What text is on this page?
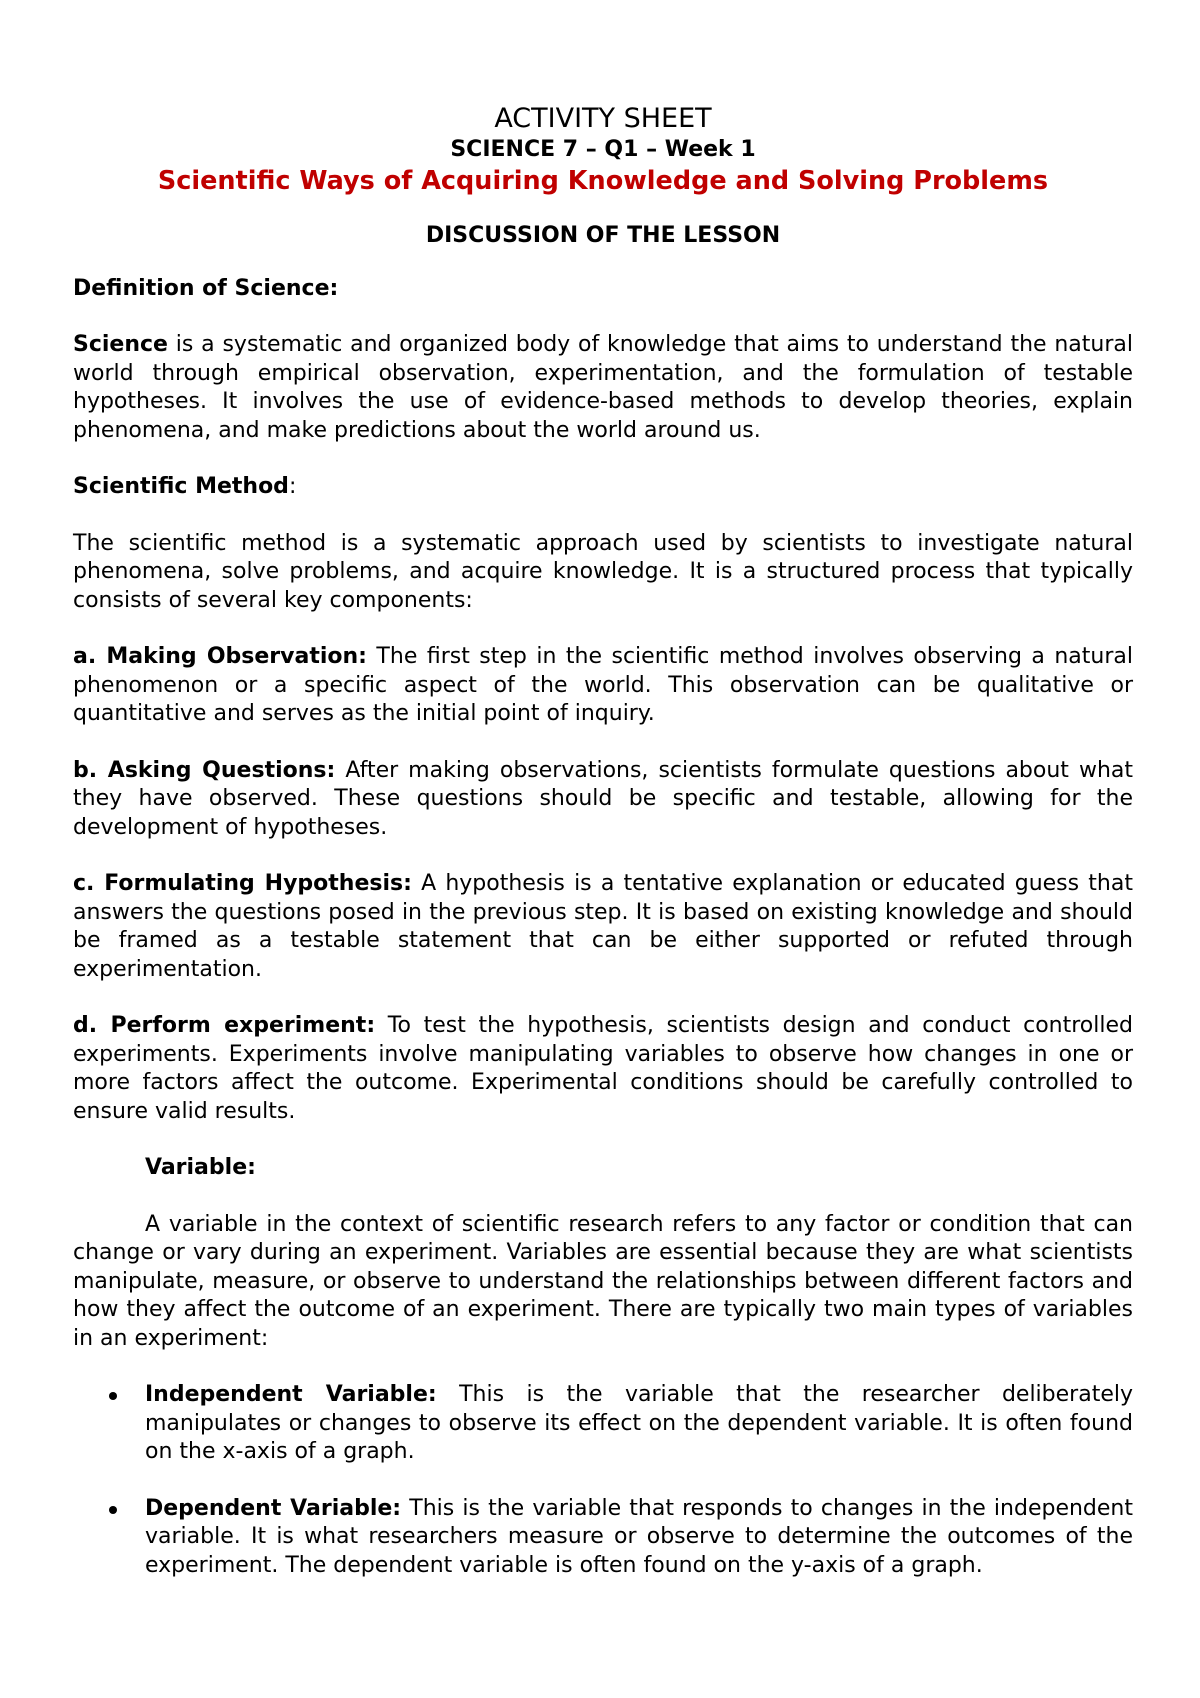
ACTIVITY SHEET
SCIENCE 7 – Q1 – Week 1
Scientific Ways of Acquiring Knowledge and Solving Problems
DISCUSSION OF THE LESSON

Definition of Science:

Science is a systematic and organized body of knowledge that aims to understand the natural world through empirical observation, experimentation, and the formulation of testable hypotheses. It involves the use of evidence-based methods to develop theories, explain phenomena, and make predictions about the world around us.

Scientific Method:

The scientific method is a systematic approach used by scientists to investigate natural phenomena, solve problems, and acquire knowledge. It is a structured process that typically consists of several key components:

a. Making Observation: The first step in the scientific method involves observing a natural phenomenon or a specific aspect of the world. This observation can be qualitative or quantitative and serves as the initial point of inquiry.

b. Asking Questions: After making observations, scientists formulate questions about what they have observed. These questions should be specific and testable, allowing for the development of hypotheses.

c. Formulating Hypothesis: A hypothesis is a tentative explanation or educated guess that answers the questions posed in the previous step. It is based on existing knowledge and should be framed as a testable statement that can be either supported or refuted through experimentation.

d. Perform experiment: To test the hypothesis, scientists design and conduct controlled experiments. Experiments involve manipulating variables to observe how changes in one or more factors affect the outcome. Experimental conditions should be carefully controlled to ensure valid results.

Variable:

A variable in the context of scientific research refers to any factor or condition that can change or vary during an experiment. Variables are essential because they are what scientists manipulate, measure, or observe to understand the relationships between different factors and how they affect the outcome of an experiment. There are typically two main types of variables in an experiment:

Independent Variable: This is the variable that the researcher deliberately manipulates or changes to observe its effect on the dependent variable. It is often found on the x-axis of a graph.
Dependent Variable: This is the variable that responds to changes in the independent variable. It is what researchers measure or observe to determine the outcomes of the experiment. The dependent variable is often found on the y-axis of a graph.
